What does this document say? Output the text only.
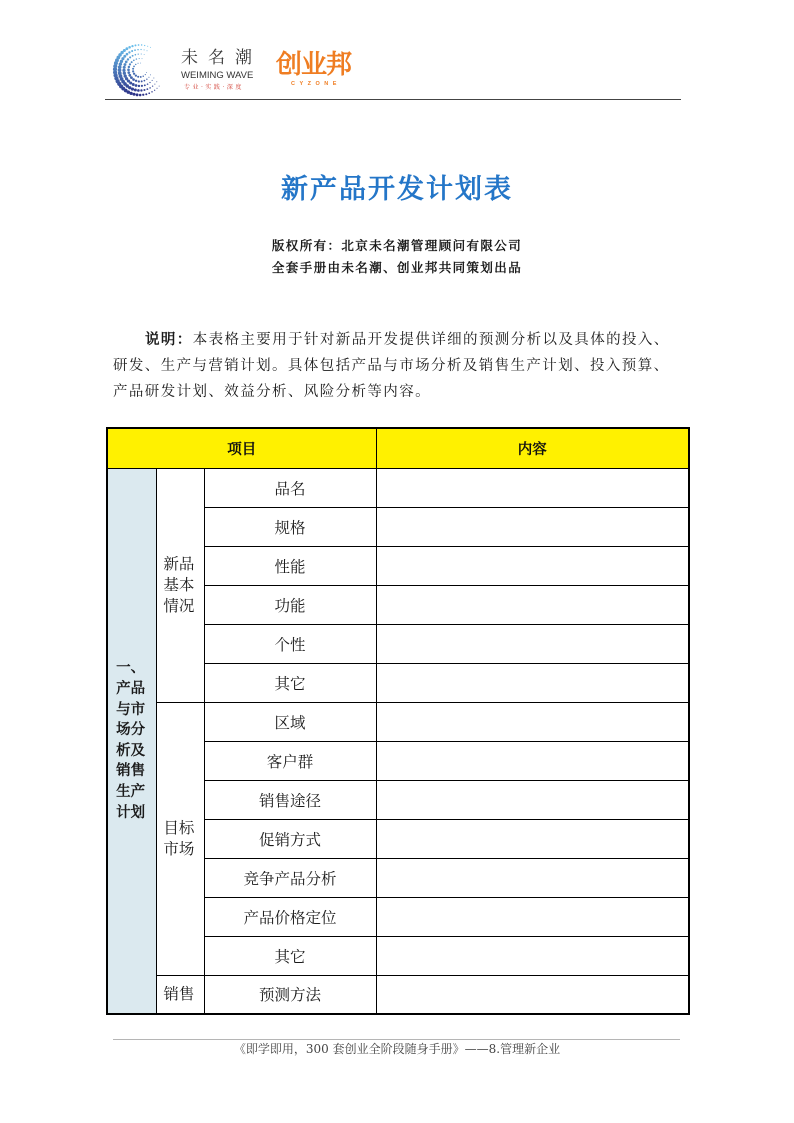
未名潮
WEIMING WAVE
专业·实践·深度
创业邦
CYZONE
新产品开发计划表
版权所有：北京未名潮管理顾问有限公司
全套手册由未名潮、创业邦共同策划出品
说明：本表格主要用于针对新品开发提供详细的预测分析以及具体的投入、研发、生产与营销计划。具体包括产品与市场分析及销售生产计划、投入预算、产品研发计划、效益分析、风险分析等内容。
项目			内容

一、产品与市场分析及销售生产计划	新品基本情况	品名	
		规格	
		性能	
		功能	
		个性	
		其它	

	目标市场	区域	
		客户群	
		销售途径	
		促销方式	
		竞争产品分析	
		产品价格定位	
		其它	

	销售	预测方法	
《即学即用，300 套创业全阶段随身手册》——8.管理新企业
